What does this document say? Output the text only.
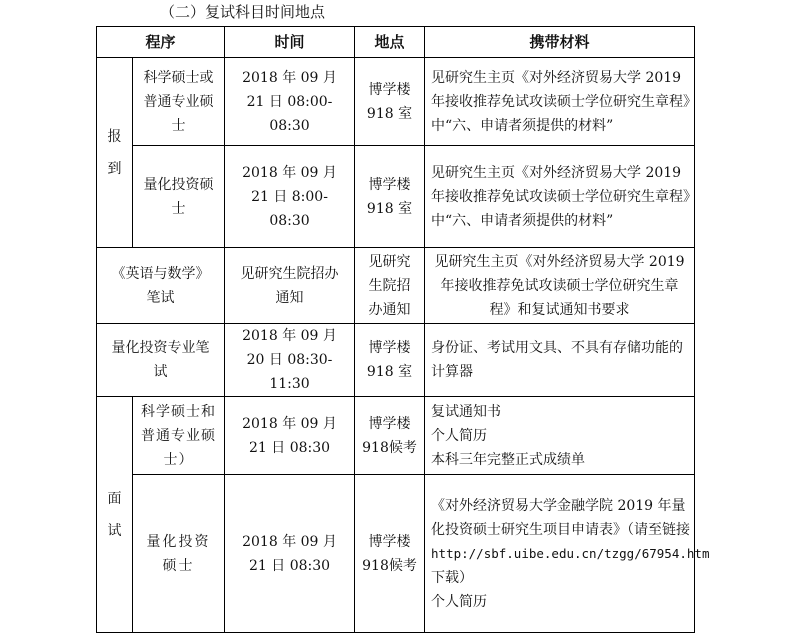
（二）复试科目时间地点
程序		时间	地点	携带材料
报
到	科学硕士或普通专业硕士	2018 年 09 月 21 日 08:00-08:30	博学楼 918 室	见研究生主页《对外经济贸易大学 2019 年接收推荐免试攻读硕士学位研究生章程》中“六、申请者须提供的材料”

	量化投资硕士	2018 年 09 月 21 日 8:00-08:30	博学楼 918 室	见研究生主页《对外经济贸易大学 2019 年接收推荐免试攻读硕士学位研究生章程》中“六、申请者须提供的材料”

《英语与数学》笔试		见研究生院招办通知	见研究生院招办通知	见研究生主页《对外经济贸易大学 2019 年接收推荐免试攻读硕士学位研究生章程》和复试通知书要求

量化投资专业笔试		2018 年 09 月 20 日 08:30-11:30	博学楼 918 室	身份证、考试用文具、不具有存储功能的计算器
面
试	科学硕士和普通专业硕士）	2018 年 09 月 21 日 08:30	博学楼 918候考	复试通知书
个人简历
本科三年完整正式成绩单

	量化投资硕士	2018 年 09 月 21 日 08:30	博学楼 918候考	《对外经济贸易大学金融学院 2019 年量化投资硕士研究生项目申请表》（请至链接
http://sbf.uibe.edu.cn/tzgg/67954.htm 下载）
个人简历
